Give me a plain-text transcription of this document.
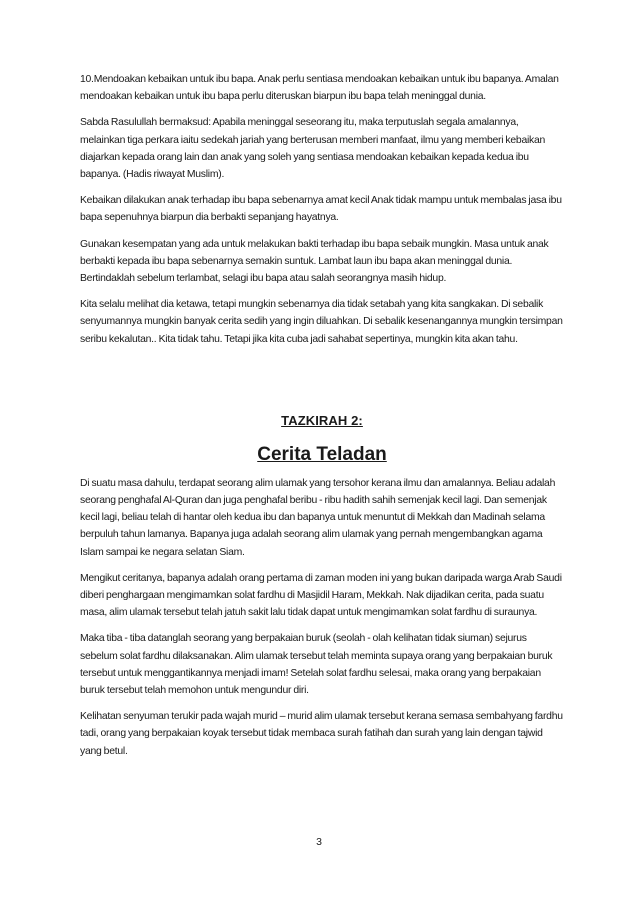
10.Mendoakan kebaikan untuk ibu bapa. Anak perlu sentiasa mendoakan kebaikan untuk ibu bapanya. Amalan mendoakan kebaikan untuk ibu bapa perlu diteruskan biarpun ibu bapa telah meninggal dunia.

Sabda Rasulullah bermaksud: Apabila meninggal seseorang itu, maka terputuslah segala amalannya, melainkan tiga perkara iaitu sedekah jariah yang berterusan memberi manfaat, ilmu yang memberi kebaikan diajarkan kepada orang lain dan anak yang soleh yang sentiasa mendoakan kebaikan kepada kedua ibu bapanya. (Hadis riwayat Muslim).

Kebaikan dilakukan anak terhadap ibu bapa sebenarnya amat kecil Anak tidak mampu untuk membalas jasa ibu bapa sepenuhnya biarpun dia berbakti sepanjang hayatnya.

Gunakan kesempatan yang ada untuk melakukan bakti terhadap ibu bapa sebaik mungkin. Masa untuk anak berbakti kepada ibu bapa sebenarnya semakin suntuk. Lambat laun ibu bapa akan meninggal dunia. Bertindaklah sebelum terlambat, selagi ibu bapa atau salah seorangnya masih hidup.

Kita selalu melihat dia ketawa, tetapi mungkin sebenarnya dia tidak setabah yang kita sangkakan. Di sebalik senyumannya mungkin banyak cerita sedih yang ingin diluahkan. Di sebalik kesenangannya mungkin tersimpan seribu kekalutan.. Kita tidak tahu. Tetapi jika kita cuba jadi sahabat sepertinya, mungkin kita akan tahu.

TAZKIRAH 2:
Cerita Teladan

Di suatu masa dahulu, terdapat seorang alim ulamak yang tersohor kerana ilmu dan amalannya. Beliau adalah seorang penghafal Al-Quran dan juga penghafal beribu - ribu hadith sahih semenjak kecil lagi. Dan semenjak kecil lagi, beliau telah di hantar oleh kedua ibu dan bapanya untuk menuntut di Mekkah dan Madinah selama berpuluh tahun lamanya. Bapanya juga adalah seorang alim ulamak yang pernah mengembangkan agama Islam sampai ke negara selatan Siam.

Mengikut ceritanya, bapanya adalah orang pertama di zaman moden ini yang bukan daripada warga Arab Saudi diberi penghargaan mengimamkan solat fardhu di Masjidil Haram, Mekkah. Nak dijadikan cerita, pada suatu masa, alim ulamak tersebut telah jatuh sakit lalu tidak dapat untuk mengimamkan solat fardhu di suraunya.

Maka tiba - tiba datanglah seorang yang berpakaian buruk (seolah - olah kelihatan tidak siuman) sejurus sebelum solat fardhu dilaksanakan. Alim ulamak tersebut telah meminta supaya orang yang berpakaian buruk tersebut untuk menggantikannya menjadi imam! Setelah solat fardhu selesai, maka orang yang berpakaian buruk tersebut telah memohon untuk mengundur diri.

Kelihatan senyuman terukir pada wajah murid – murid alim ulamak tersebut kerana semasa sembahyang fardhu tadi, orang yang berpakaian koyak tersebut tidak membaca surah fatihah dan surah yang lain dengan tajwid yang betul.

3
